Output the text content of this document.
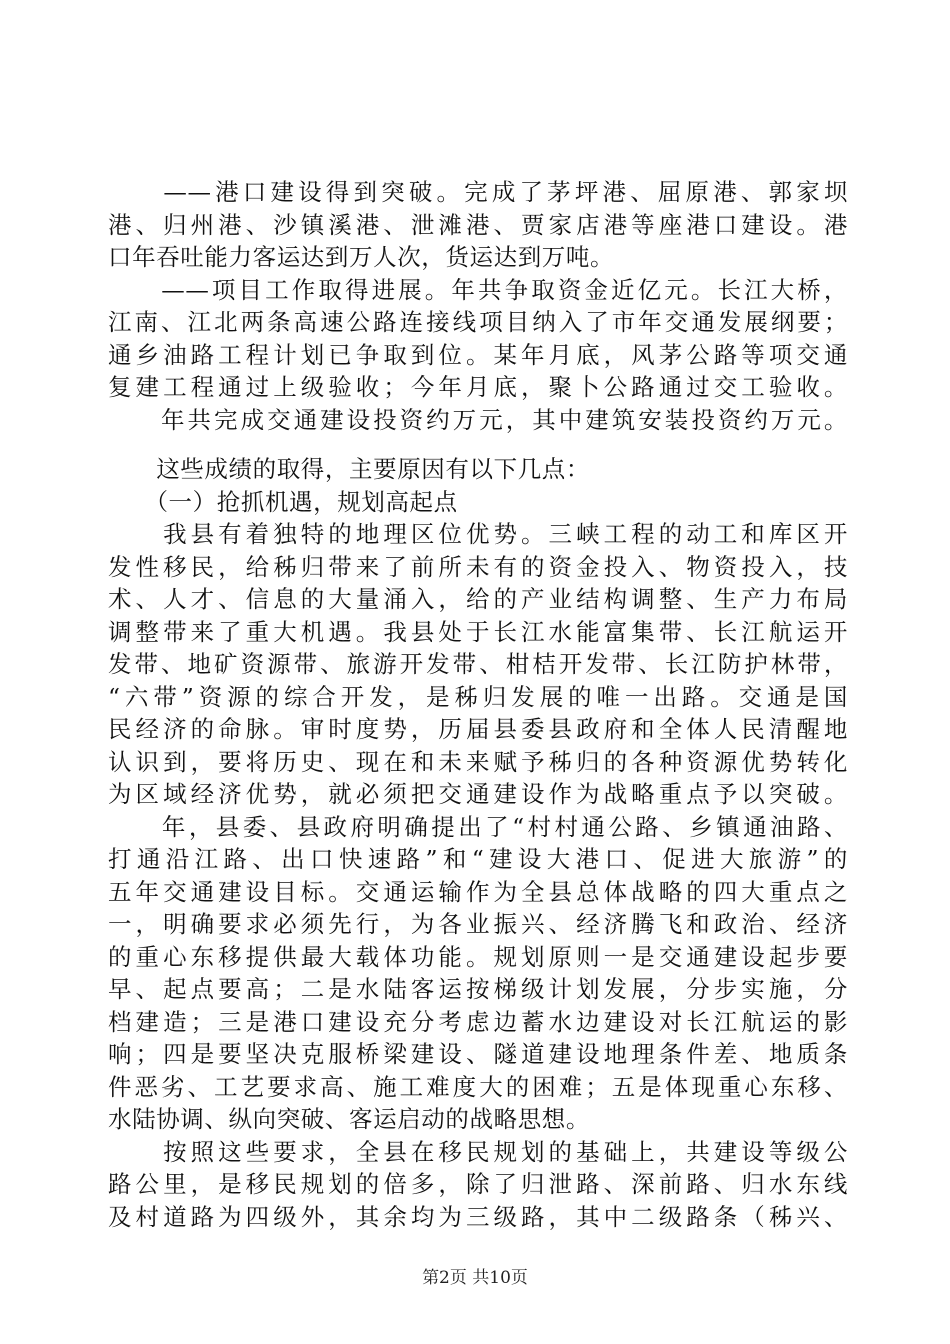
　　——港口建设得到突破。完成了茅坪港、屈原港、郭家坝
港、归州港、沙镇溪港、泄滩港、贾家店港等座港口建设。港
口年吞吐能力客运达到万人次，货运达到万吨。
　　——项目工作取得进展。年共争取资金近亿元。长江大桥，
江南、江北两条高速公路连接线项目纳入了市年交通发展纲要；
通乡油路工程计划已争取到位。某年月底，风茅公路等项交通
复建工程通过上级验收；今年月底，聚卜公路通过交工验收。
　　年共完成交通建设投资约万元，其中建筑安装投资约万元。
　　这些成绩的取得，主要原因有以下几点：
　　（一）抢抓机遇，规划高起点
　　我县有着独特的地理区位优势。三峡工程的动工和库区开
发性移民，给秭归带来了前所未有的资金投入、物资投入，技
术、人才、信息的大量涌入，给的产业结构调整、生产力布局
调整带来了重大机遇。我县处于长江水能富集带、长江航运开
发带、地矿资源带、旅游开发带、柑桔开发带、长江防护林带，
“六带”资源的综合开发，是秭归发展的唯一出路。交通是国
民经济的命脉。审时度势，历届县委县政府和全体人民清醒地
认识到，要将历史、现在和未来赋予秭归的各种资源优势转化
为区域经济优势，就必须把交通建设作为战略重点予以突破。
　　年，县委、县政府明确提出了“村村通公路、乡镇通油路、
打通沿江路、出口快速路”和“建设大港口、促进大旅游”的
五年交通建设目标。交通运输作为全县总体战略的四大重点之
一，明确要求必须先行，为各业振兴、经济腾飞和政治、经济
的重心东移提供最大载体功能。规划原则一是交通建设起步要
早、起点要高；二是水陆客运按梯级计划发展，分步实施，分
档建造；三是港口建设充分考虑边蓄水边建设对长江航运的影
响；四是要坚决克服桥梁建设、隧道建设地理条件差、地质条
件恶劣、工艺要求高、施工难度大的困难；五是体现重心东移、
水陆协调、纵向突破、客运启动的战略思想。
　　按照这些要求，全县在移民规划的基础上，共建设等级公
路公里，是移民规划的倍多，除了归泄路、深前路、归水东线
及村道路为四级外，其余均为三级路，其中二级路条（秭兴、
第2页 共10页
